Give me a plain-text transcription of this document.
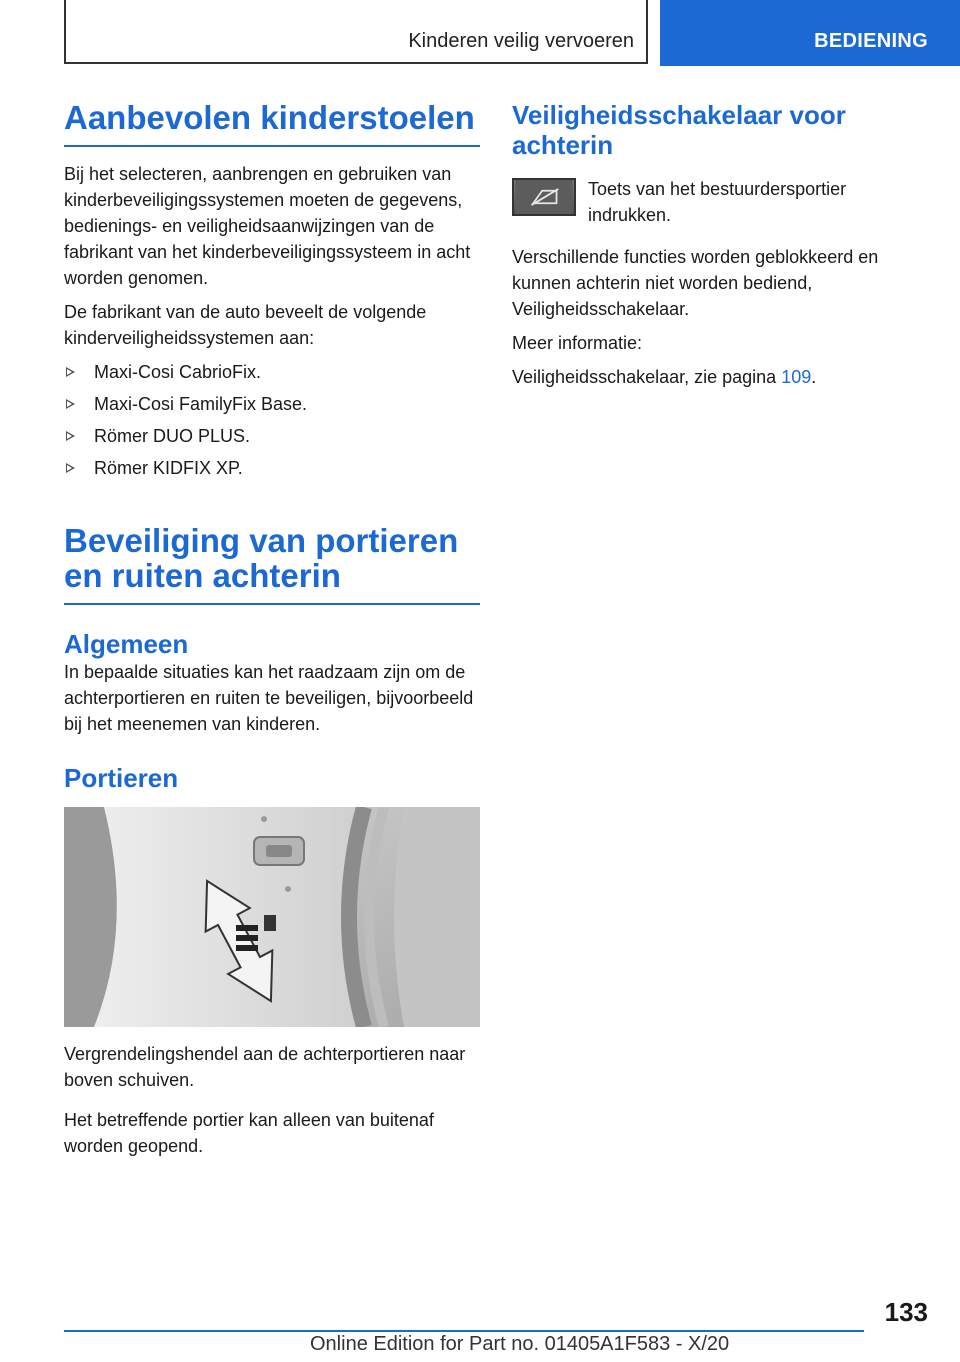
Kinderen veilig vervoeren	BEDIENING
Aanbevolen kinderstoelen

Bij het selecteren, aanbrengen en gebruiken van kinderbeveiligingssystemen moeten de gegevens, bedienings- en veiligheidsaanwijzingen van de fabrikant van het kinderbeveiligingssysteem in acht worden genomen.

De fabrikant van de auto beveelt de volgende kinderveiligheidssystemen aan:

Maxi-Cosi CabrioFix.
Maxi-Cosi FamilyFix Base.
Römer DUO PLUS.
Römer KIDFIX XP.
Beveiliging van portieren en ruiten achterin
Algemeen

In bepaalde situaties kan het raadzaam zijn om de achterportieren en ruiten te beveiligen, bijvoorbeeld bij het meenemen van kinderen.

Portieren

Vergrendelingshendel aan de achterportieren naar boven schuiven.

Het betreffende portier kan alleen van buitenaf worden geopend.

Veiligheidsschakelaar voor achterin

Toets van het bestuurdersportier indrukken.

Verschillende functies worden geblokkeerd en kunnen achterin niet worden bediend, Veiligheidsschakelaar.

Meer informatie:

Veiligheidsschakelaar, zie pagina 109.

133
Online Edition for Part no. 01405A1F583 - X/20
